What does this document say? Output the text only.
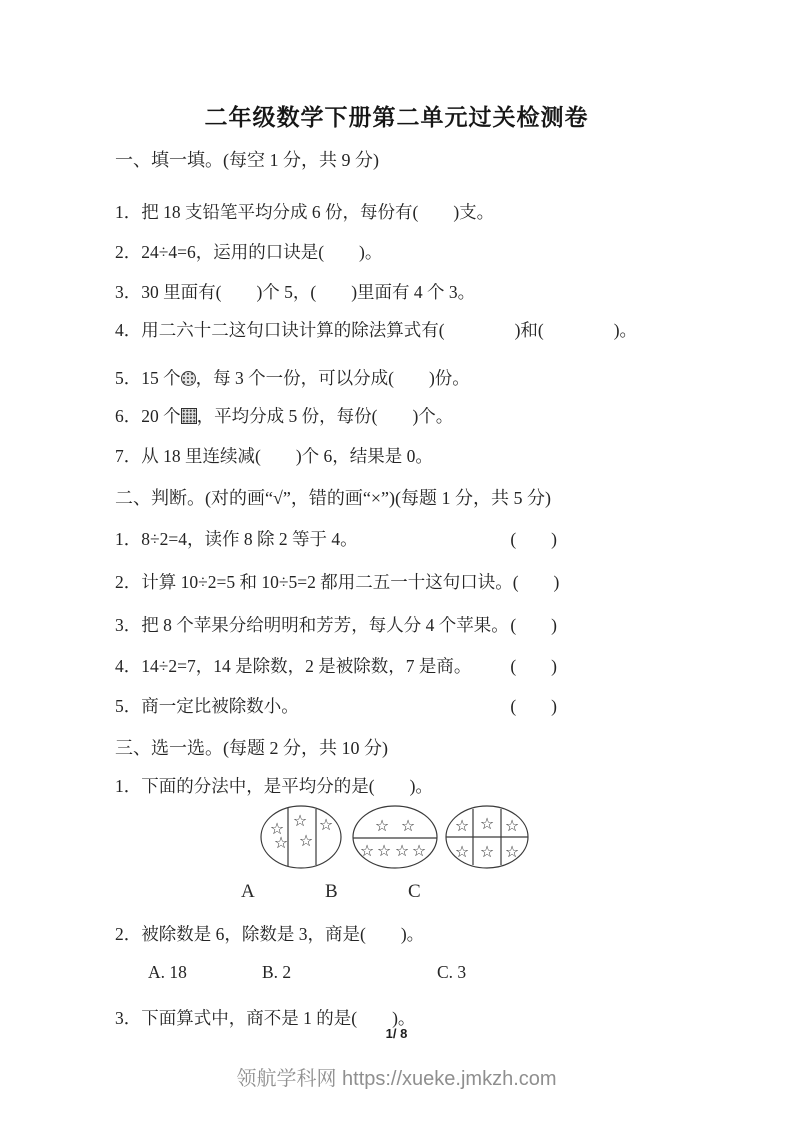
二年级数学下册第二单元过关检测卷
一、填一填。(每空 1 分，共 9 分)
1．把 18 支铅笔平均分成 6 份，每份有(　　)支。
2．24÷4=6，运用的口诀是(　　)。
3．30 里面有(　　)个 5，(　　)里面有 4 个 3。
4．用二六十二这句口诀计算的除法算式有(　　　　)和(　　　　)。
5．15 个 ，每 3 个一份，可以分成(　　)份。
6．20 个 ，平均分成 5 份，每份(　　)个。
7．从 18 里连续减(　　)个 6，结果是 0。
二、判断。(对的画“√”，错的画“×”)(每题 1 分，共 5 分)
1．8÷2=4，读作 8 除 2 等于 4。	(　　)
2．计算 10÷2=5 和 10÷5=2 都用二五一十这句口诀。 (　　)
3．把 8 个苹果分给明明和芳芳，每人分 4 个苹果。 (　　)
4．14÷2=7，14 是除数，2 是被除数，7 是商。 (　　)
5．商一定比被除数小。	(　　)
三、选一选。(每题 2 分，共 10 分)
1．下面的分法中，是平均分的是(　　)。
☆
☆
☆
☆
☆	☆ ☆
☆ ☆ ☆ ☆
☆ ☆ ☆
☆ ☆ ☆
A	B	C
2．被除数是 6，除数是 3，商是(　　)。
A. 18	B. 2	C. 3
3．下面算式中，商不是 1 的是(　　)。
1/ 8
领航学科网 https://xueke.jmkzh.com
